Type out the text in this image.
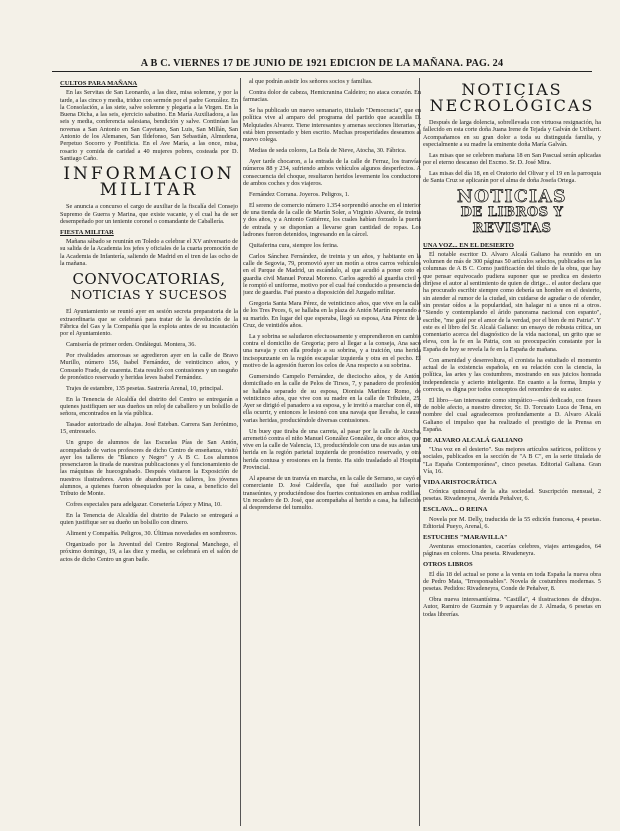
A B C. VIERNES 17 DE JUNIO DE 1921 EDICION DE LA MAÑANA. PAG. 24
CULTOS PARA MAÑANA

En las Servitas de San Leonardo, a las diez, misa solemne, y por la tarde, a las cinco y media, triduo con sermón por el padre González. En la Consolación, a las siete, salve solemne y plegaria a la Virgen. En la Buena Dicha, a las seis, ejercicio sabatino. En María Auxiliadora, a las seis y media, conferencia salesiana, bendición y salve. Continúan las novenas a San Antonio en San Cayetano, San Luis, San Millán, San Antonio de los Alemanes, San Ildefonso, San Sebastián, Almudena, Perpetuo Socorro y Pontificia. En el Ave María, a las once, misa, rosario y comida de caridad a 40 mujeres pobres, costeada por D. Santiago Caño.

INFORMACION
MILITAR

Se anuncia a concurso el cargo de auxiliar de la fiscalía del Consejo Supremo de Guerra y Marina, que existe vacante, y el cual ha de ser desempeñado por un teniente coronel o comandante de Caballería.

FIESTA MILITAR

Mañana sábado se reunirán en Toledo a celebrar el XV aniversario de su salida de la Academia los jefes y oficiales de la cuarta promoción de la Academia de Infantería, saliendo de Madrid en el tren de las ocho de la mañana.

CONVOCATORIAS,
NOTICIAS Y SUCESOS

El Ayuntamiento se reunió ayer en sesión secreta preparatoria de la extraordinaria que se celebrará para tratar de la devolución de la Fábrica del Gas y la Compañía que la explota antes de su incautación por el Ayuntamiento.

Camisería de primer orden. Ondátegui. Montera, 36.

Por rivalidades amorosas se agredieron ayer en la calle de Bravo Murillo, número 156, Isabel Fernández, de veinticinco años, y Consuelo Frade, de cuarenta. Esta resultó con contusiones y un rasguño de pronóstico reservado y heridas leves Isabel Fernández.

Trajes de estambre, 135 pesetas. Sastrería Arenal, 10, principal.

En la Tenencia de Alcaldía del distrito del Centro se entregarán a quienes justifiquen ser sus dueños un reloj de caballero y un bolsillo de señora, encontrados en la vía pública.

Tasador autorizado de alhajas. José Esteban. Carrera San Jerónimo, 15, entresuelo.

Un grupo de alumnos de las Escuelas Pías de San Antón, acompañado de varios profesores de dicho Centro de enseñanza, visitó ayer los talleres de "Blanco y Negro" y A B C. Los alumnos presenciaron la tirada de nuestras publicaciones y el funcionamiento de las máquinas de huecograbado. Después visitaron la Exposición de nuestros ilustradores. Antes de abandonar los talleres, los jóvenes alumnos, a quienes fueron obsequiados por la casa, a beneficio del Tributo de Monte.

Cofres especiales para adelgazar. Corsetería López y Mina, 10.

En la Tenencia de Alcaldía del distrito de Palacio se entregará a quien justifique ser su dueño un bolsillo con dinero.

Aliment y Compañía. Peligros, 30. Últimas novedades en sombreros.

Organizado por la Juventud del Centro Regional Manchego, el próximo domingo, 19, a las diez y media, se celebrará en el salón de actos de dicho Centro un gran baile.

al que podrán asistir los señores socios y familias.

Contra dolor de cabeza, Hemicranina Caldeiro; no ataca corazón. En farmacias.

Se ha publicado un nuevo semanario, titulado "Democracia", que en política vive al amparo del programa del partido que acaudilla D. Melquiades Alvarez. Tiene interesantes y amenas secciones literarias, y está bien presentado y bien escrito. Muchas prosperidades deseamos al nuevo colega.

Medias de seda colores, La Bola de Nieve, Atocha, 30. Fábrica.

Ayer tarde chocaron, a la entrada de la calle de Ferraz, los tranvías números 88 y 234, sufriendo ambos vehículos algunos desperfectos. A consecuencia del choque, resultaron heridos levemente los conductores de ambos coches y dos viajeros.

Fernández Corrana. Joyeros. Peligros, 1.

El sereno de comercio número 1.354 sorprendió anoche en el interior de una tienda de la calle de Martín Soler, a Virginio Alvarez, de treinta y dos años, y a Antonio Gutiérrez, los cuales habían forzado la puerta de entrada y se disponían a llevarse gran cantidad de ropas. Los ladrones fueron detenidos, ingresando en la cárcel.

Quitaferina cura, siempre los ferina.

Carlos Sánchez Fernández, de treinta y un años, y habitante en la calle de Segovia, 79, promovió ayer un motín a otros carros vehículos en el Parque de Madrid, un escándalo, al que acudió a poner coto el guardia civil Manuel Ponzal Moreno. Carlos agredió al guardia civil y le rompió el uniforme, motivo por el cual fué conducido a presencia del juez de guardia. Fué puesto a disposición del Juzgado militar.

Gregoria Santa Mara Pérez, de veinticinco años, que vive en la calle de los Tres Peces, 6, se hallaba en la plaza de Antón Martín esperando a su marido. En lugar del que esperaba, llegó su esposa, Ana Pérez de la Cruz, de veintidós años.

La y sobrina se saludaron efectuosamente y emprendieron en cambio contra el domicilio de Gregoria; pero al llegar a la conseja, Ana sacó una navaja y con ella produjo a su sobrina, y a traición, una herida incisopunzante en la región escapular izquierda y otra en el pecho. El motivo de la agresión fueron los celos de Ana respecto a su sobrina.

Gumersindo Campelo Fernández, de dieciocho años, y de Antón, domiciliado en la calle de Pelos de Tirsos, 7, y panadero de profesión, se hallaba separado de su esposa, Dionisia Martínez Romo, de veinticinco años, que vive con su madre en la calle de Tribulete, 25. Ayer se dirigió el panadero a su esposa, y le invitó a marchar con él, sin ella ocurrir, y entonces le lesionó con una navaja que llevaba, le causó varias heridas, produciéndole diversas contusiones.

Un buey que tiraba de una carreta, al pasar por la calle de Atocha, arremetió contra el niño Manuel González González, de once años, que vive en la calle de Valencia, 13, produciéndole con una de sus astas una herida en la región parietal izquierda de pronóstico reservado, y otra herida contusa y erosiones en la frente. Ha sido trasladado al Hospital Provincial.

Al apearse de un tranvía en marcha, en la calle de Serrano, se cayó el comerciante D. José Caldevila, que fué auxiliado por varios transeúntes, y produciéndose dos fuertes contusiones en ambas rodillas. Un recadero de D. José, que acompañaba al herido a casa, ha fallecido al desprenderse del tumulto.

NOTICIAS
NECROLÓGICAS

Después de larga dolencia, sobrellevada con virtuosa resignación, ha fallecido en esta corte doña Juana Irene de Tejada y Galván de Uribarri. Acompañamos en su gran dolor a toda su distinguida familia, y especialmente a su madre la eminente doña María Galván.

Las misas que se celebren mañana 18 en San Pascual serán aplicadas por el eterno descanso del Excmo. Sr. D. José Mira.

Las misas del día 18, en el Oratorio del Olivar y el 19 en la parroquia de Santa Cruz se aplicarán por el alma de doña Josefa Ortega.

NOTICIAS
DE LIBROS Y REVISTAS
UNA VOZ... EN EL DESIERTO

El notable escritor D. Alvaro Alcalá Galiano ha reunido en un volumen de más de 300 páginas 50 artículos selectos, publicados en las columnas de A B C. Como justificación del título de la obra, que hay que pensar equivocado pudiera suponer que se predica en desierto diríjese el autor al sentimiento de quien de dirige... el autor declara que ha procurado escribir siempre como debería un hombre en el desierto, sin atender al rumor de la ciudad, sin cuidarse de agradar o de ofender, sin prestar oídos a la popularidad, sin halagar ni a unos ni a otros. "Siendo y contemplando el árido panorama nacional con espanto", escribe, "me guié por el amor de la verdad, por el bien de mi Patria". Y este es el libro del Sr. Alcalá Galiano: un ensayo de robusta crítica, un comentario acerca del diagnóstico de la vida nacional, un grito que se eleva, con la fe en la Patria, con su preocupación constante por la España de hoy se revela la fe en la España de mañana.

Con amenidad y desenvoltura, el cronista ha estudiado el momento actual de la existencia española, en su relación con la ciencia, la política, las artes y las costumbres, mostrando en sus juicios honrada independencia y acierto inteligente. En cuanto a la forma, limpia y correcta, es digna por todos conceptos del renombre de su autor.

El libro—tan interesante como simpático—está dedicado, con frases de noble afecto, a nuestro director, Sr. D. Torcuato Luca de Tena, en nombre del cual agradecemos profundamente a D. Alvaro Alcalá Galiano el impulso que ha realizado el prestigio de la Prensa en España.

DE ALVARO ALCALÁ GALIANO

"Una voz en el desierto". Sus mejores artículos satíricos, políticos y sociales, publicados en la sección de "A B C", en la serie titulada de "La España Contemporánea", cinco pesetas. Editorial Galiana. Gran Vía, 16.

VIDA ARISTOCRÁTICA

Crónica quincenal de la alta sociedad. Suscripción mensual, 2 pesetas. Rivadeneyra, Avenida Peñalver, 6.

ESCLAVA... O REINA

Novela por M. Delly, traducida de la 55 edición francesa, 4 pesetas. Editorial Pueyo, Arenal, 6.

ESTUCHES "MARAVILLA"

Aventuras emocionantes, cacerías celebres, viajes arriesgados, 64 páginas en colores. Una peseta. Rivadeneyra.

OTROS LIBROS

El día 18 del actual se pone a la venta en toda España la nueva obra de Pedro Mata, "Irresponsables". Novela de costumbres modernas. 5 pesetas. Pedidos: Rivadeneyra, Conde de Peñalver, 8.

Obra nueva interesantísima. "Castilla", 4 ilustraciones de dibujos. Autor, Ramiro de Guzmán y 9 aquarelas de J. Almada, 6 pesetas en todas librerías.
